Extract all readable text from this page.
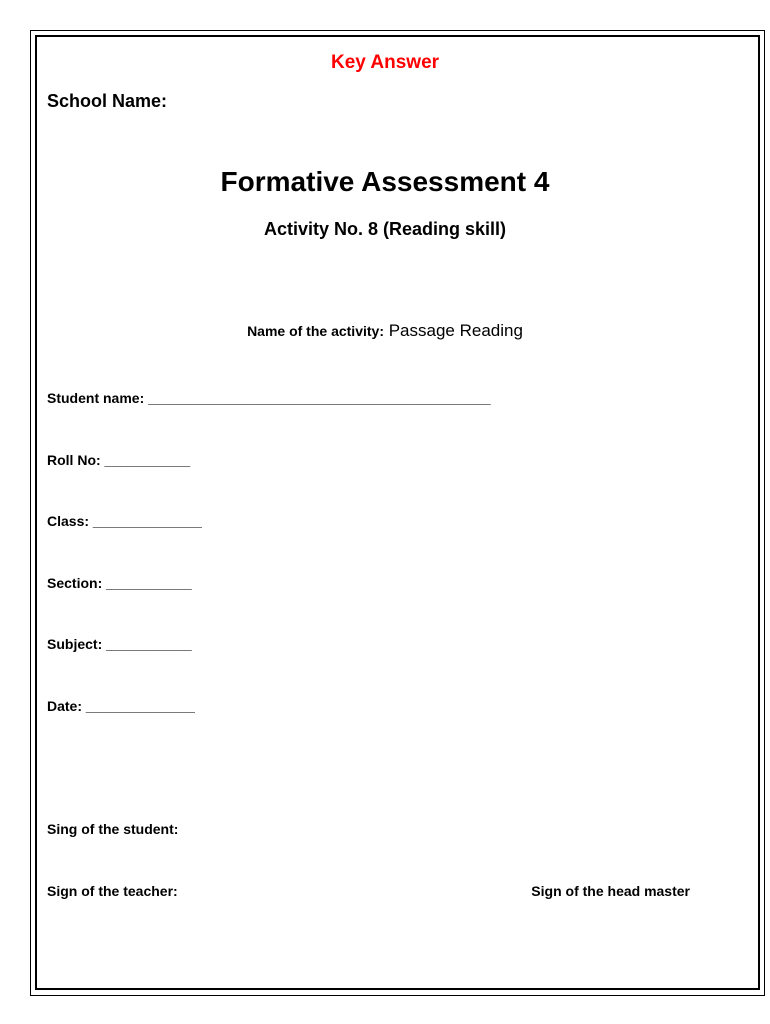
Key Answer
School Name:
Formative Assessment 4
Activity No. 8 (Reading skill)
Name of the activity: Passage Reading
Student name: ____________________________________________
Roll No: ___________
Class: ______________
Section: ___________
Subject: ___________
Date: ______________
Sing of the student:
Sign of the teacher:	Sign of the head master
